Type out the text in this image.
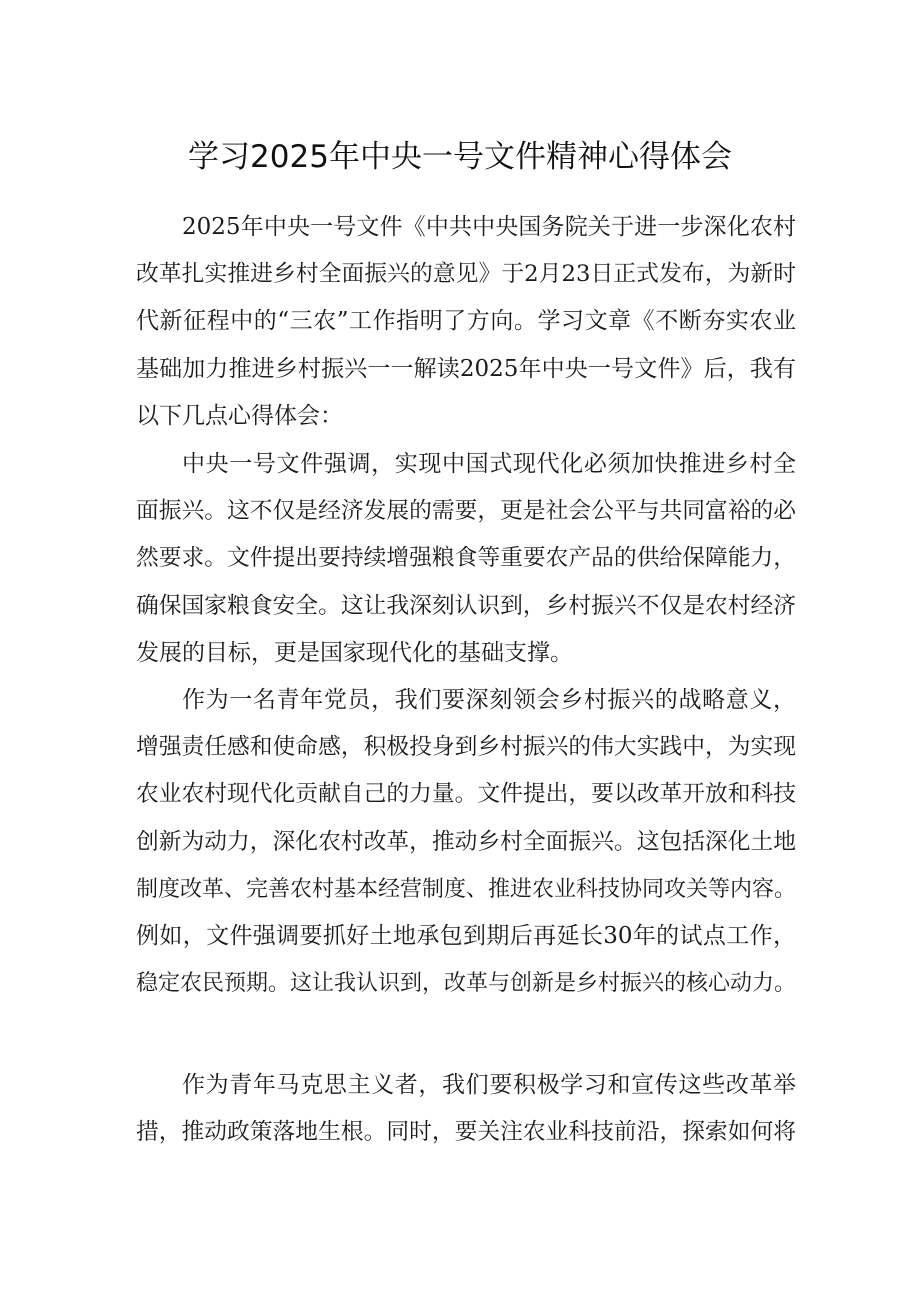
学习2025年中央一号文件精神心得体会
2025年中央一号文件《中共中央国务院关于进一步深化农村
改革扎实推进乡村全面振兴的意见》于2月23日正式发布，为新时
代新征程中的“三农”工作指明了方向。学习文章《不断夯实农业
基础加力推进乡村振兴一一解读2025年中央一号文件》后，我有
以下几点心得体会：
中央一号文件强调，实现中国式现代化必须加快推进乡村全
面振兴。这不仅是经济发展的需要，更是社会公平与共同富裕的必
然要求。文件提出要持续增强粮食等重要农产品的供给保障能力，
确保国家粮食安全。这让我深刻认识到，乡村振兴不仅是农村经济
发展的目标，更是国家现代化的基础支撑。
作为一名青年党员，我们要深刻领会乡村振兴的战略意义，
增强责任感和使命感，积极投身到乡村振兴的伟大实践中，为实现
农业农村现代化贡献自己的力量。文件提出，要以改革开放和科技
创新为动力，深化农村改革，推动乡村全面振兴。这包括深化土地
制度改革、完善农村基本经营制度、推进农业科技协同攻关等内容。
例如，文件强调要抓好土地承包到期后再延长30年的试点工作，
稳定农民预期。这让我认识到，改革与创新是乡村振兴的核心动力。
作为青年马克思主义者，我们要积极学习和宣传这些改革举
措，推动政策落地生根。同时，要关注农业科技前沿，探索如何将
